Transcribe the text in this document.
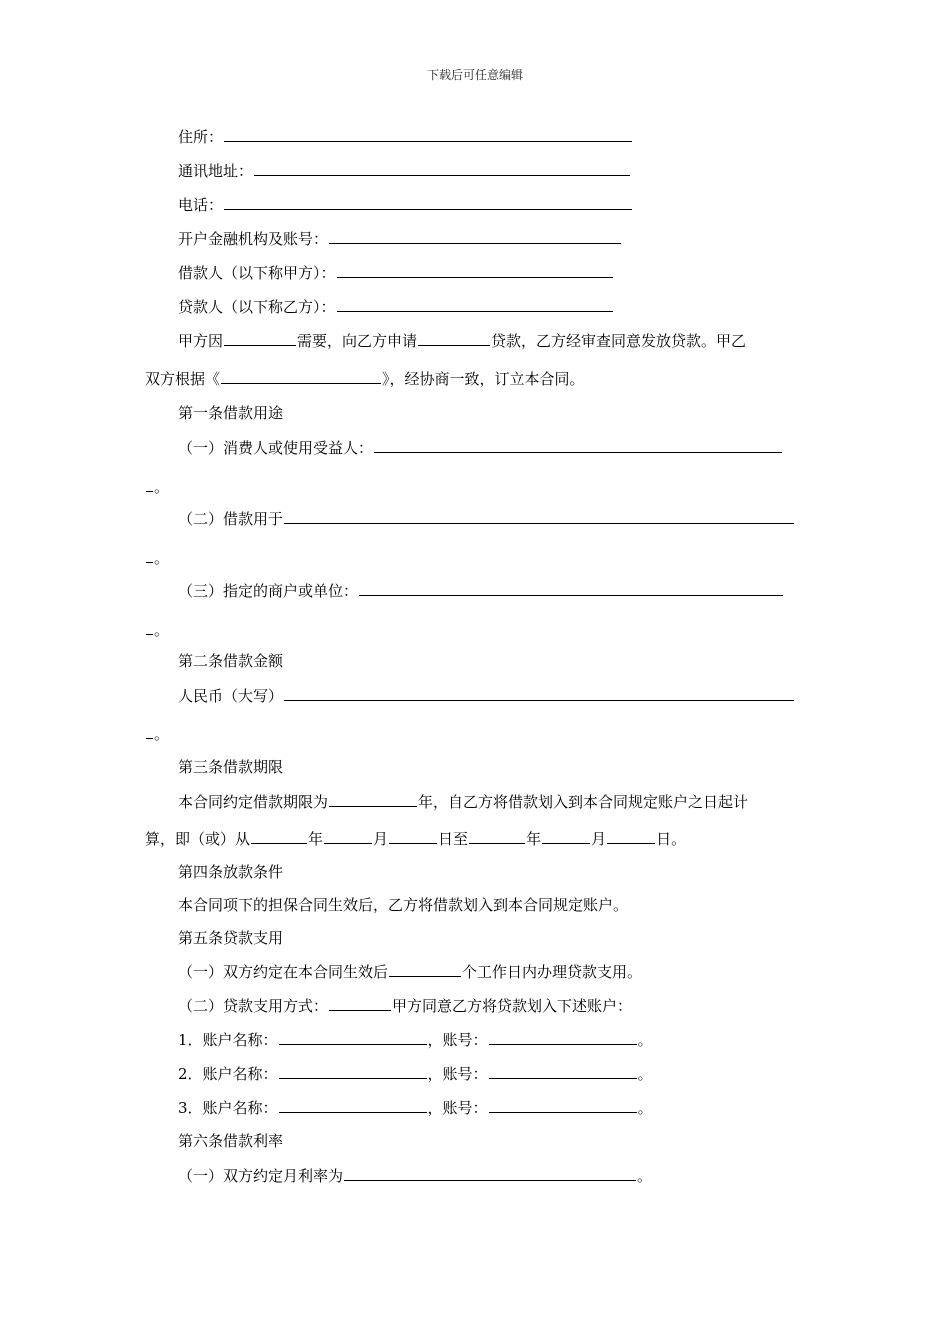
下载后可任意编辑
住所：
通讯地址：
电话：
开户金融机构及账号：
借款人（以下称甲方）：
贷款人（以下称乙方）：
甲方因	需要，向乙方申请	贷款，乙方经审查同意发放贷款。甲乙
双方根据《	》，经协商一致，订立本合同。
第一条借款用途
（一）消费人或使用受益人：
。
（二）借款用于
。
（三）指定的商户或单位：
。
第二条借款金额
人民币（大写）
。
第三条借款期限
本合同约定借款期限为	年，自乙方将借款划入到本合同规定账户之日起计
算，即（或）从	年	月	日至	年	月	日。
第四条放款条件
本合同项下的担保合同生效后，乙方将借款划入到本合同规定账户。
第五条贷款支用
（一）双方约定在本合同生效后	个工作日内办理贷款支用。
（二）贷款支用方式：	甲方同意乙方将贷款划入下述账户：
1．账户名称：	，账号：	。
2．账户名称：	，账号：	。
3．账户名称：	，账号：	。
第六条借款利率
（一）双方约定月利率为	。
